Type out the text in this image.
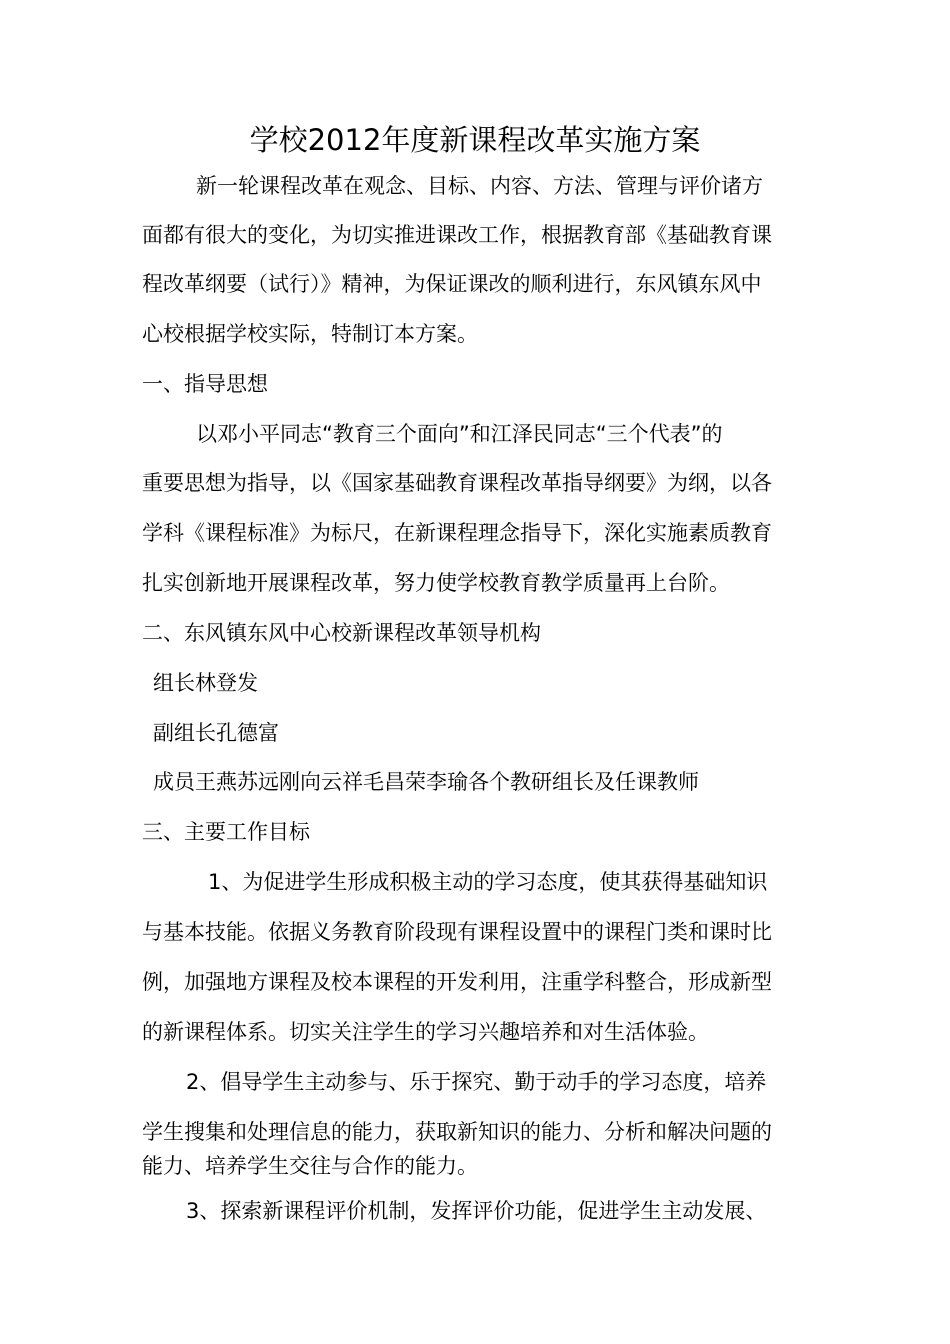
学校2012年度新课程改革实施方案
新一轮课程改革在观念、目标、内容、方法、管理与评价诸方
面都有很大的变化，为切实推进课改工作，根据教育部《基础教育课
程改革纲要（试行）》精神，为保证课改的顺利进行，东风镇东风中
心校根据学校实际，特制订本方案。
一、指导思想
以邓小平同志“教育三个面向”和江泽民同志“三个代表”的
重要思想为指导，以《国家基础教育课程改革指导纲要》为纲，以各
学科《课程标准》为标尺，在新课程理念指导下，深化实施素质教育
扎实创新地开展课程改革，努力使学校教育教学质量再上台阶。
二、东风镇东风中心校新课程改革领导机构
组长林登发
副组长孔德富
成员王燕苏远刚向云祥毛昌荣李瑜各个教研组长及任课教师
三、主要工作目标
1、为促进学生形成积极主动的学习态度，使其获得基础知识
与基本技能。依据义务教育阶段现有课程设置中的课程门类和课时比
例，加强地方课程及校本课程的开发利用，注重学科整合，形成新型
的新课程体系。切实关注学生的学习兴趣培养和对生活体验。
2、倡导学生主动参与、乐于探究、勤于动手的学习态度，培养
学生搜集和处理信息的能力，获取新知识的能力、分析和解决问题的
能力、培养学生交往与合作的能力。
3、探索新课程评价机制，发挥评价功能，促进学生主动发展、
